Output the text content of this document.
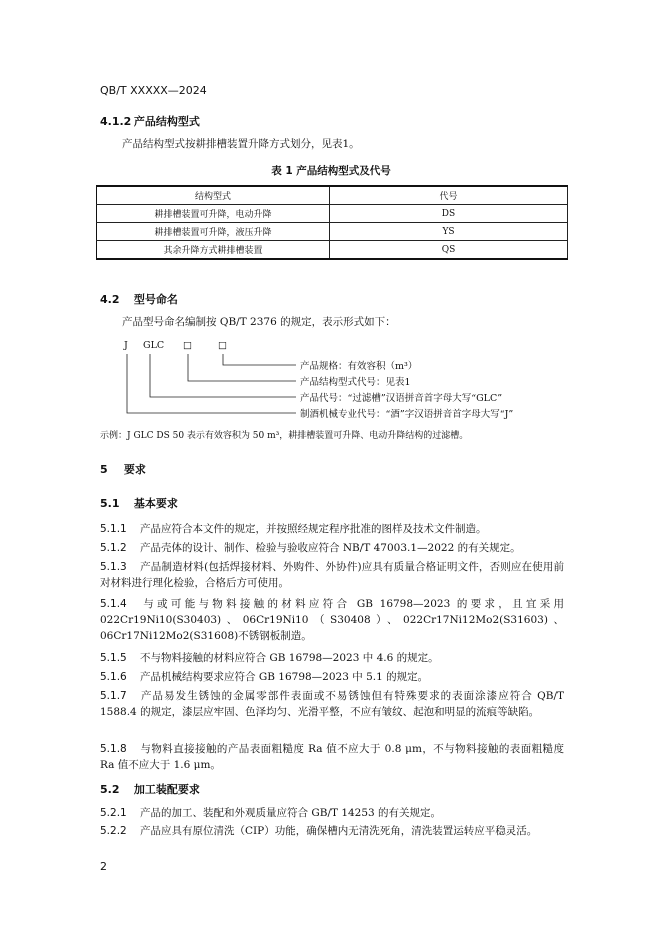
QB/T XXXXX—2024
4.1.2 产品结构型式
产品结构型式按耕排槽装置升降方式划分，见表1。
表 1 产品结构型式及代号
结构型式	代号
耕排槽装置可升降，电动升降	DS
耕排槽装置可升降，液压升降	YS
其余升降方式耕排槽装置	QS
4.2 型号命名
产品型号命名编制按 QB/T 2376 的规定，表示形式如下：
J GLC □	□
产品规格：有效容积（m³）
产品结构型式代号：见表1
产品代号：“过滤槽”汉语拼音首字母大写“GLC”
制酒机械专业代号：“酒”字汉语拼音首字母大写“J”
示例：J GLC DS 50 表示有效容积为 50 m³，耕排槽装置可升降、电动升降结构的过滤槽。
5 要求
5.1 基本要求
5.1.1 产品应符合本文件的规定，并按照经规定程序批准的图样及技术文件制造。
5.1.2 产品壳体的设计、制作、检验与验收应符合 NB/T 47003.1—2022 的有关规定。
5.1.3 产品制造材料(包括焊接材料、外购件、外协件)应具有质量合格证明文件，否则应在使用前对材料进行理化检验，合格后方可使用。
5.1.4 与或可能与物料接触的材料应符合 GB 16798—2023 的要求，且宜采用 022Cr19Ni10(S30403)、06Cr19Ni10（S30408）、022Cr17Ni12Mo2(S31603)、06Cr17Ni12Mo2(S31608)不锈钢板制造。
5.1.5 不与物料接触的材料应符合 GB 16798—2023 中 4.6 的规定。
5.1.6 产品机械结构要求应符合 GB 16798—2023 中 5.1 的规定。
5.1.7 产品易发生锈蚀的金属零部件表面或不易锈蚀但有特殊要求的表面涂漆应符合 QB/T 1588.4 的规定，漆层应牢固、色泽均匀、光滑平整，不应有皱纹、起泡和明显的流痕等缺陷。
5.1.8 与物料直接接触的产品表面粗糙度 Ra 值不应大于 0.8 μm，不与物料接触的表面粗糙度 Ra 值不应大于 1.6 μm。
5.2 加工装配要求
5.2.1 产品的加工、装配和外观质量应符合 GB/T 14253 的有关规定。
5.2.2 产品应具有原位清洗（CIP）功能，确保槽内无清洗死角，清洗装置运转应平稳灵活。
2
